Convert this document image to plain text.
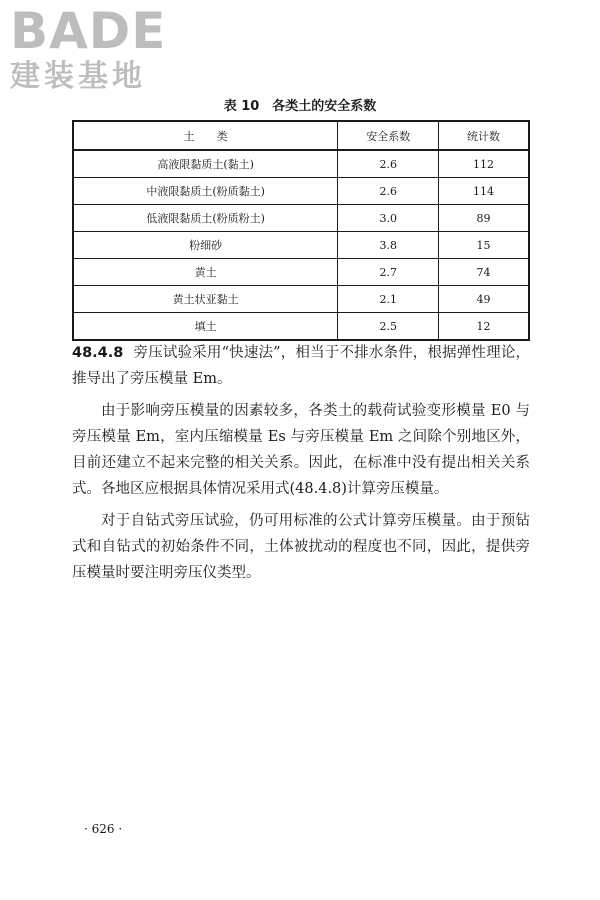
BADE
建装基地
表 10　各类土的安全系数
土　　类	安全系数	统计数
高液限黏质土(黏土)	2.6	112
中液限黏质土(粉质黏土)	2.6	114
低液限黏质土(粉质粉土)	3.0	89
粉细砂	3.8	15
黄土	2.7	74
黄土状亚黏土	2.1	49
填土	2.5	12

48.4.8 旁压试验采用“快速法”，相当于不排水条件，根据弹性理论，推导出了旁压模量 Em。

由于影响旁压模量的因素较多，各类土的载荷试验变形模量 E0 与旁压模量 Em，室内压缩模量 Es 与旁压模量 Em 之间除个别地区外，目前还建立不起来完整的相关关系。因此，在标准中没有提出相关关系式。各地区应根据具体情况采用式(48.4.8)计算旁压模量。

对于自钻式旁压试验，仍可用标准的公式计算旁压模量。由于预钻式和自钻式的初始条件不同，土体被扰动的程度也不同，因此，提供旁压模量时要注明旁压仪类型。

· 626 ·
